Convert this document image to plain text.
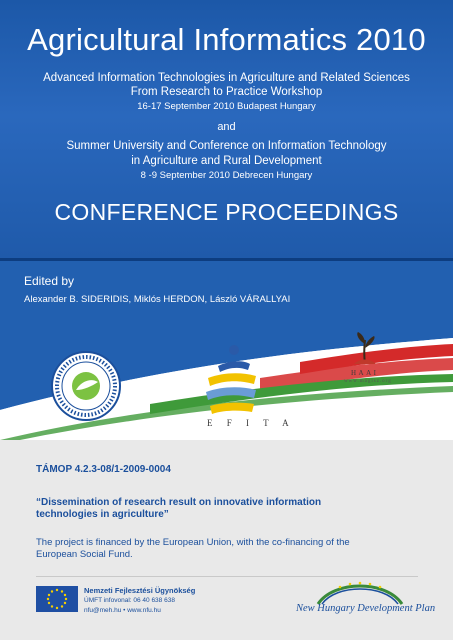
Agricultural Informatics 2010
Advanced Information Technologies in Agriculture and Related Sciences
From Research to Practice Workshop
16-17 September 2010 Budapest Hungary
and
Summer University and Conference on Information Technology
in Agriculture and Rural Development
8 -9 September 2010 Debrecen Hungary
CONFERENCE PROCEEDINGS
Edited by
Alexander B. SIDERIDIS, Miklós HERDON, László VÁRALLYAI
E F I T A
HAAI
www.magisz.org
TÁMOP 4.2.3-08/1-2009-0004
“Dissemination of research result on innovative information technologies in agriculture”
The project is financed by the European Union, with the co-financing of the European Social Fund.
Nemzeti Fejlesztési Ügynökség
ÚMFT infovonal: 06 40 638 638
nfu@meh.hu • www.nfu.hu	New Hungary Development Plan
